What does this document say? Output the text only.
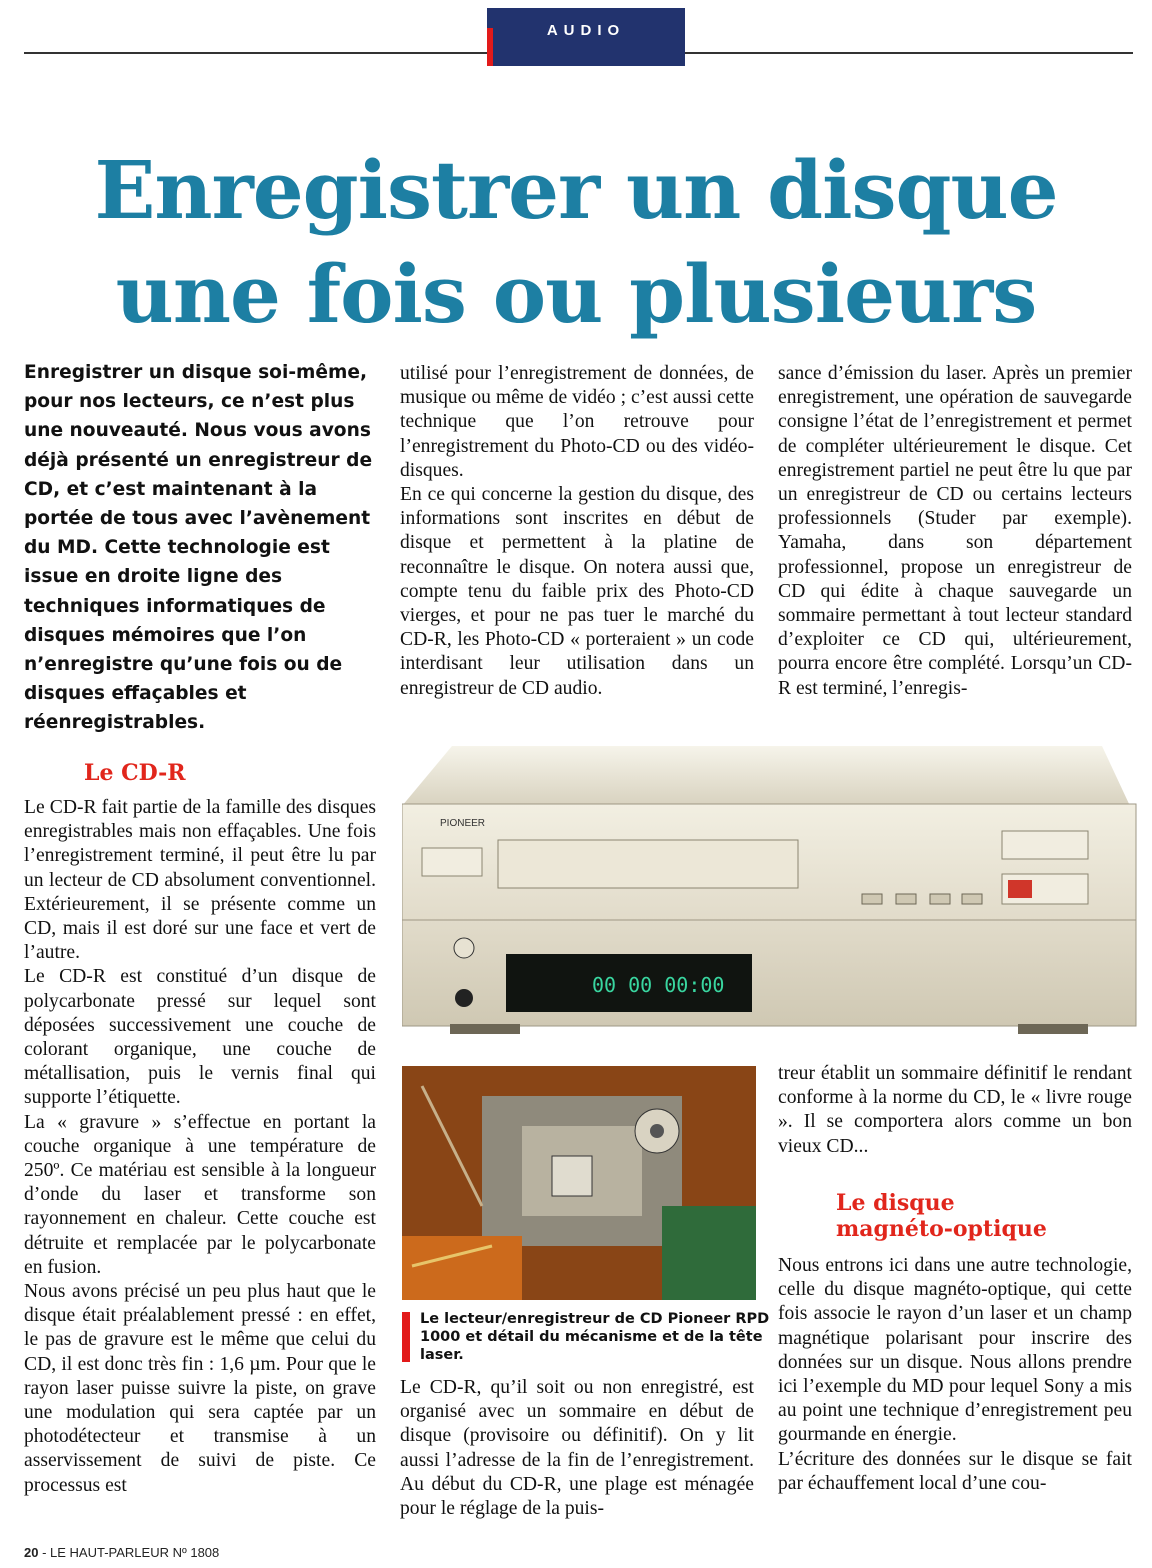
AUDIO
Enregistrer un disque
une fois ou plusieurs
Enregistrer un disque soi-même, pour nos lecteurs, ce n’est plus une nouveauté. Nous vous avons déjà présenté un enregistreur de CD, et c’est maintenant à la portée de tous avec l’avènement du MD. Cette technologie est issue en droite ligne des techniques informatiques de disques mémoires que l’on n’enregistre qu’une fois ou de disques effaçables et réenregistrables.
Le CD-R

Le CD-R fait partie de la famille des disques enregistrables mais non effaçables. Une fois l’enregistrement terminé, il peut être lu par un lecteur de CD absolument conventionnel. Extérieurement, il se présente comme un CD, mais il est doré sur une face et vert de l’autre.

Le CD-R est constitué d’un disque de polycarbonate pressé sur lequel sont déposées successivement une couche de colorant organique, une couche de métallisation, puis le vernis final qui supporte l’étiquette.

La « gravure » s’effectue en portant la couche organique à une température de 250º. Ce matériau est sensible à la longueur d’onde du laser et transforme son rayonnement en chaleur. Cette couche est détruite et remplacée par le polycarbonate en fusion.

Nous avons précisé un peu plus haut que le disque était préalablement pressé : en effet, le pas de gravure est le même que celui du CD, il est donc très fin : 1,6 µm. Pour que le rayon laser puisse suivre la piste, on grave une modulation qui sera captée par un photodétecteur et transmise à un asservissement de suivi de piste. Ce processus est

utilisé pour l’enregistrement de données, de musique ou même de vidéo ; c’est aussi cette technique que l’on retrouve pour l’enregistrement du Photo-CD ou des vidéo-disques.

En ce qui concerne la gestion du disque, des informations sont inscrites en début de disque et permettent à la platine de reconnaître le disque. On notera aussi que, compte tenu du faible prix des Photo-CD vierges, et pour ne pas tuer le marché du CD-R, les Photo-CD « porteraient » un code interdisant leur utilisation dans un enregistreur de CD audio.

sance d’émission du laser. Après un premier enregistrement, une opération de sauvegarde consigne l’état de l’enregistrement et permet de compléter ultérieurement le disque. Cet enregistrement partiel ne peut être lu que par un enregistreur de CD ou certains lecteurs professionnels (Studer par exemple). Yamaha, dans son département professionnel, propose un enregistreur de CD qui édite à chaque sauvegarde un sommaire permettant à tout lecteur standard d’exploiter ce CD qui, ultérieurement, pourra encore être complété. Lorsqu’un CD-R est terminé, l’enregis-

00 00 00:00
PIONEER
Le lecteur/enregistreur de CD Pioneer RPD 1000 et détail du mécanisme et de la tête laser.

Le CD-R, qu’il soit ou non enregistré, est organisé avec un sommaire en début de disque (provisoire ou définitif). On y lit aussi l’adresse de la fin de l’enregistrement. Au début du CD-R, une plage est ménagée pour le réglage de la puis-

treur établit un sommaire définitif le rendant conforme à la norme du CD, le « livre rouge ». Il se comportera alors comme un bon vieux CD...

Le disque
magnéto-optique

Nous entrons ici dans une autre technologie, celle du disque magnéto-optique, qui cette fois associe le rayon d’un laser et un champ magnétique polarisant pour inscrire des données sur un disque. Nous allons prendre ici l’exemple du MD pour lequel Sony a mis au point une technique d’enregistrement peu gourmande en énergie.

L’écriture des données sur le disque se fait par échauffement local d’une cou-

20 - LE HAUT-PARLEUR Nº 1808
